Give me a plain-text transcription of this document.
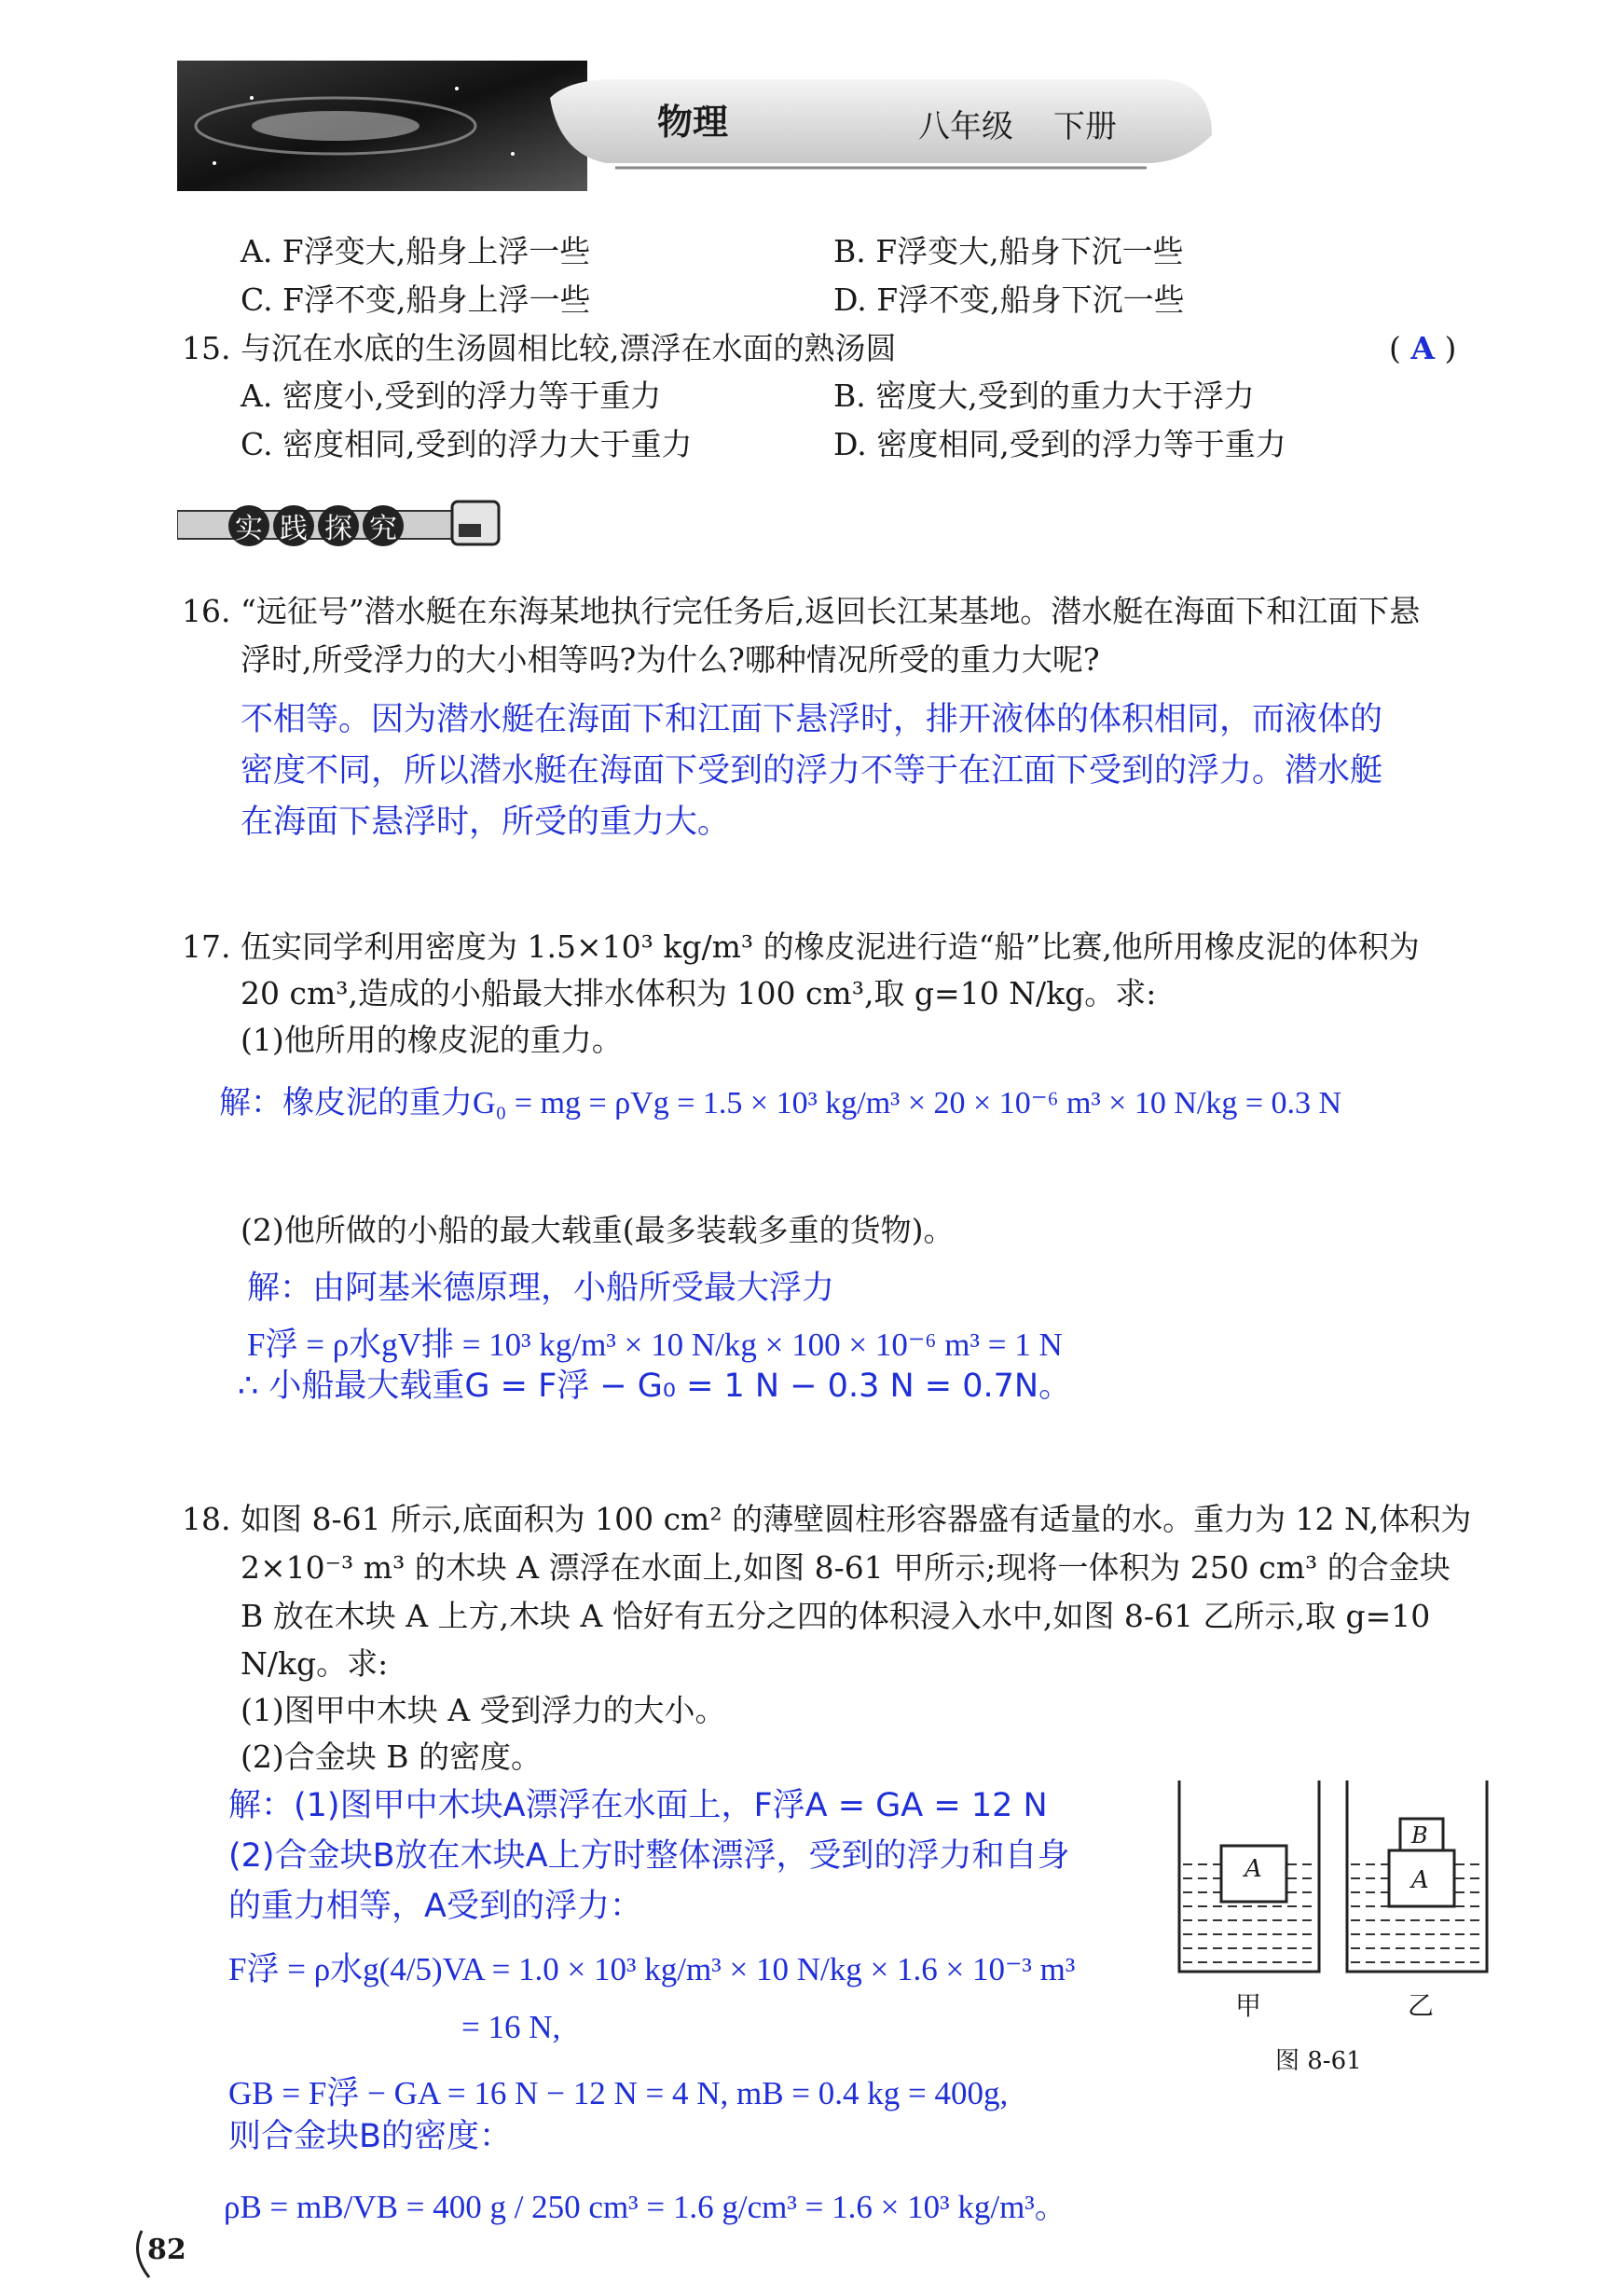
物理	八年级 下册
A. F浮变大,船身上浮一些	B. F浮变大,船身下沉一些
C. F浮不变,船身上浮一些	D. F浮不变,船身下沉一些
15. 与沉在水底的生汤圆相比较,漂浮在水面的熟汤圆	( A )
A. 密度小,受到的浮力等于重力	B. 密度大,受到的重力大于浮力
C. 密度相同,受到的浮力大于重力	D. 密度相同,受到的浮力等于重力
实 践 探 究
16. “远征号”潜水艇在东海某地执行完任务后,返回长江某基地。潜水艇在海面下和江面下悬
浮时,所受浮力的大小相等吗?为什么?哪种情况所受的重力大呢?
不相等。因为潜水艇在海面下和江面下悬浮时，排开液体的体积相同，而液体的
密度不同，所以潜水艇在海面下受到的浮力不等于在江面下受到的浮力。潜水艇
在海面下悬浮时，所受的重力大。
17. 伍实同学利用密度为 1.5×10³ kg/m³ 的橡皮泥进行造“船”比赛,他所用橡皮泥的体积为
20 cm³,造成的小船最大排水体积为 100 cm³,取 g=10 N/kg。求:
(1)他所用的橡皮泥的重力。
解：橡皮泥的重力G₀ = mg = ρVg = 1.5 × 10³ kg/m³ × 20 × 10⁻⁶ m³ × 10 N/kg = 0.3 N
(2)他所做的小船的最大载重(最多装载多重的货物)。
解：由阿基米德原理，小船所受最大浮力
F浮 = ρ水gV排 = 10³ kg/m³ × 10 N/kg × 100 × 10⁻⁶ m³ = 1 N
∴ 小船最大载重G = F浮 − G₀ = 1 N − 0.3 N = 0.7N。
18. 如图 8-61 所示,底面积为 100 cm² 的薄壁圆柱形容器盛有适量的水。重力为 12 N,体积为
2×10⁻³ m³ 的木块 A 漂浮在水面上,如图 8-61 甲所示;现将一体积为 250 cm³ 的合金块
B 放在木块 A 上方,木块 A 恰好有五分之四的体积浸入水中,如图 8-61 乙所示,取 g=10
N/kg。求:
(1)图甲中木块 A 受到浮力的大小。
(2)合金块 B 的密度。
解：(1)图甲中木块A漂浮在水面上，F浮A = GA = 12 N
(2)合金块B放在木块A上方时整体漂浮，受到的浮力和自身
的重力相等，A受到的浮力：
F浮 = ρ水g(4/5)VA = 1.0 × 10³ kg/m³ × 10 N/kg × 1.6 × 10⁻³ m³
= 16 N,
GB = F浮 − GA = 16 N − 12 N = 4 N, mB = 0.4 kg = 400g,
则合金块B的密度：
ρB = mB/VB = 400 g / 250 cm³ = 1.6 g/cm³ = 1.6 × 10³ kg/m³。
A	A
B
甲	乙
图 8-61
82
